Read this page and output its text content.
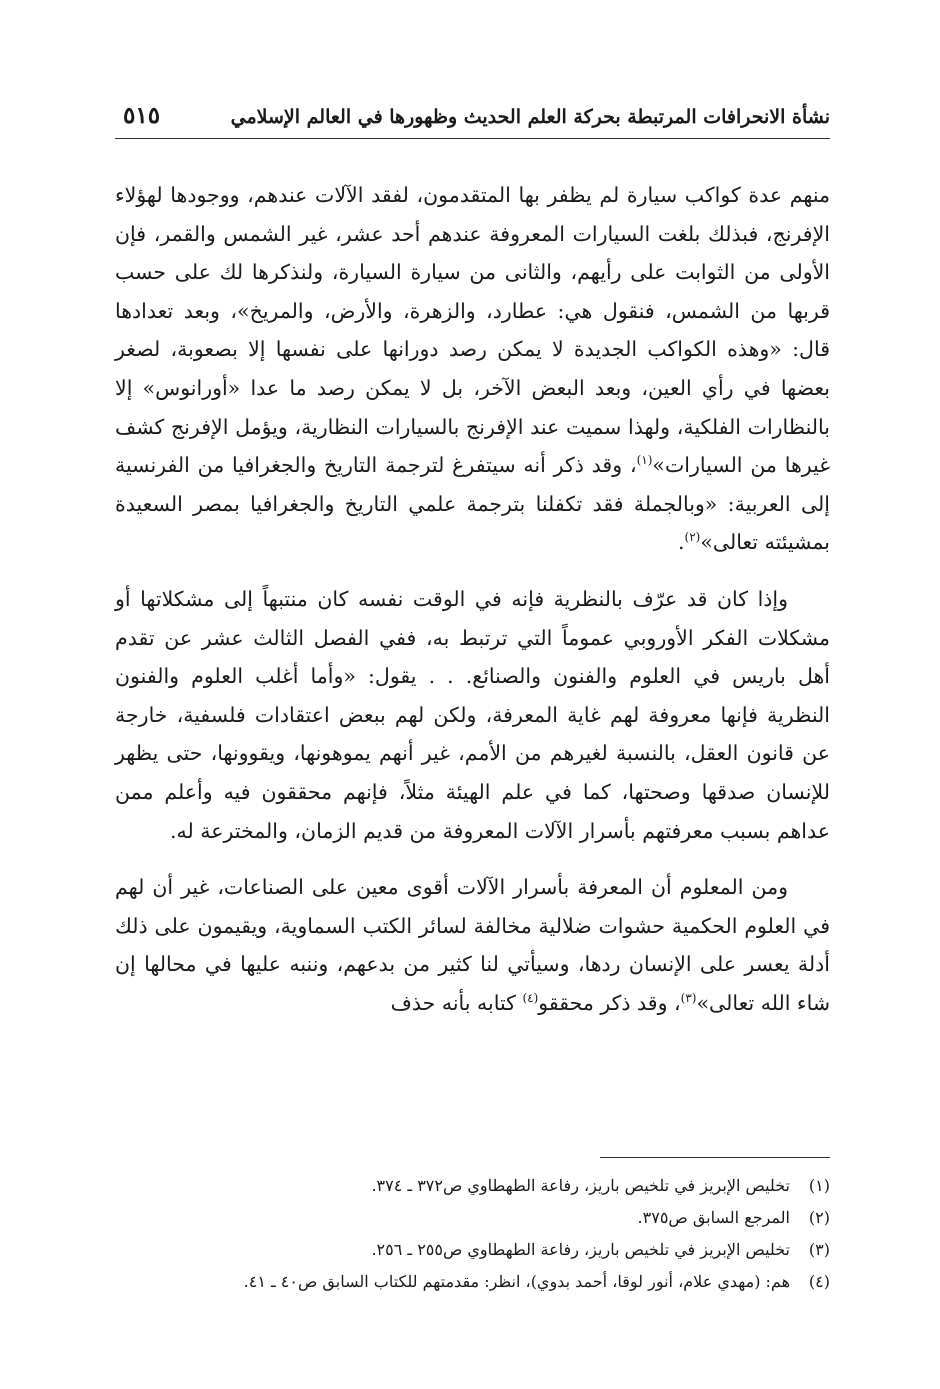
نشأة الانحرافات المرتبطة بحركة العلم الحديث وظهورها في العالم الإسلامي
٥١٥

منهم عدة كواكب سيارة لم يظفر بها المتقدمون، لفقد الآلات عندهم، ووجودها لهؤلاء الإفرنج، فبذلك بلغت السيارات المعروفة عندهم أحد عشر، غير الشمس والقمر، فإن الأولى من الثوابت على رأيهم، والثانى من سيارة السيارة، ولنذكرها لك على حسب قربها من الشمس، فنقول هي: عطارد، والزهرة، والأرض، والمريخ»، وبعد تعدادها قال: «وهذه الكواكب الجديدة لا يمكن رصد دورانها على نفسها إلا بصعوبة، لصغر بعضها في رأي العين، وبعد البعض الآخر، بل لا يمكن رصد ما عدا «أورانوس» إلا بالنظارات الفلكية، ولهذا سميت عند الإفرنج بالسيارات النظارية، ويؤمل الإفرنج كشف غيرها من السيارات»$^{(١)}$، وقد ذكر أنه سيتفرغ لترجمة التاريخ والجغرافيا من الفرنسية إلى العربية: «وبالجملة فقد تكفلنا بترجمة علمي التاريخ والجغرافيا بمصر السعيدة بمشيئته تعالى»$^{(٢)}$.

وإذا كان قد عرّف بالنظرية فإنه في الوقت نفسه كان منتبهاً إلى مشكلاتها أو مشكلات الفكر الأوروبي عموماً التي ترتبط به، ففي الفصل الثالث عشر عن تقدم أهل باريس في العلوم والفنون والصنائع. . . يقول: «وأما أغلب العلوم والفنون النظرية فإنها معروفة لهم غاية المعرفة، ولكن لهم ببعض اعتقادات فلسفية، خارجة عن قانون العقل، بالنسبة لغيرهم من الأمم، غير أنهم يموهونها، ويقوونها، حتى يظهر للإنسان صدقها وصحتها، كما في علم الهيئة مثلاً، فإنهم محققون فيه وأعلم ممن عداهم بسبب معرفتهم بأسرار الآلات المعروفة من قديم الزمان، والمخترعة له.

ومن المعلوم أن المعرفة بأسرار الآلات أقوى معين على الصناعات، غير أن لهم في العلوم الحكمية حشوات ضلالية مخالفة لسائر الكتب السماوية، ويقيمون على ذلك أدلة يعسر على الإنسان ردها، وسيأتي لنا كثير من بدعهم، وننبه عليها في محالها إن شاء الله تعالى»$^{(٣)}$، وقد ذكر محققو$^{(٤)}$ كتابه بأنه حذف

(١)تخليص الإبريز في تلخيص باريز، رفاعة الطهطاوي ص٣٧٢ ـ ٣٧٤.
(٢)المرجع السابق ص٣٧٥.
(٣)تخليص الإبريز في تلخيص باريز، رفاعة الطهطاوي ص٢٥٥ ـ ٢٥٦.
(٤)هم: (مهدي علام، أنور لوقا، أحمد بدوي)، انظر: مقدمتهم للكتاب السابق ص٤٠ ـ ٤١.
